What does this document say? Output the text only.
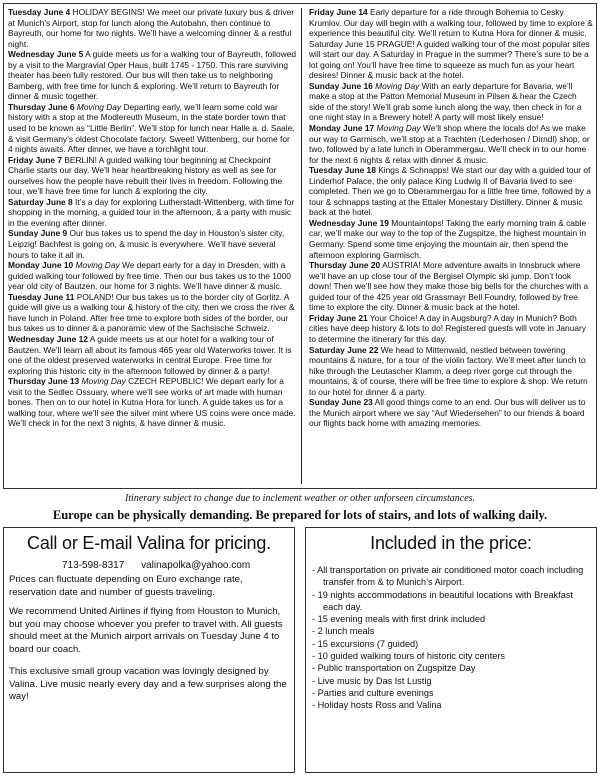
Tuesday June 4 HOLIDAY BEGINS! We meet our private luxury bus & driver at Munich’s Airport, stop for lunch along the Autobahn, then continue to Bayreuth, our home for two nights. We’ll have a welcoming dinner & a restful night.

Wednesday June 5 A guide meets us for a walking tour of Bayreuth, followed by a visit to the Margravial Oper Haus, built 1745 - 1750. This rare surviving theater has been fully restored. Our bus will then take us to neighboring Bamberg, with free time for lunch & exploring. We’ll return to Bayreuth for dinner & music together.

Thursday June 6 Moving Day Departing early, we’ll learn some cold war history with a stop at the Modlereuth Museum, in the state border town that used to be known as “Little Berlin”. We’ll stop for lunch near Halle a. d. Saale, & visit Germany’s oldest Chocolate factory. Sweet! Wittenberg, our home for 4 nights awaits. After dinner, we have a torchlight tour.

Friday June 7 BERLIN! A guided walking tour beginning at Checkpoint Charlie starts our day. We’ll hear heartbreaking history as well as see for ourselves how the people have rebuilt their lives in freedom. Following the tour, we’ll have free time for lunch & exploring the city.

Saturday June 8 It’s a day for exploring Lutherstadt-Wittenberg, with time for shopping in the morning, a guided tour in the afternoon, & a party with music in the evening after dinner.

Sunday June 9 Our bus takes us to spend the day in Houston’s sister city, Leipzig! Bachfest is going on, & music is everywhere. We’ll have several hours to take it all in.

Monday June 10 Moving Day We depart early for a day in Dresden, with a guided walking tour followed by free time. Then our bus takes us to the 1000 year old city of Bautzen, our home for 3 nights. We’ll have dinner & music.

Tuesday June 11 POLAND! Our bus takes us to the border city of Gorlitz. A guide will give us a walking tour & history of the city, then we cross the river & have lunch in Poland. After free time to explore both sides of the border, our bus takes us to dinner & a panoramic view of the Sachsische Schweiz.

Wednesday June 12 A guide meets us at our hotel for a walking tour of Bautzen. We’ll learn all about its famous 465 year old Waterworks tower. It is one of the oldest preserved waterworks in central Europe. Free time for exploring this historic city in the afternoon followed by dinner & a party!

Thursday June 13 Moving Day CZECH REPUBLIC! We depart early for a visit to the Sedlec Ossuary, where we’ll see works of art made with human bones. Then on to our hotel in Kutna Hora for lunch. A guide takes us for a walking tour, where we’ll see the silver mint where US coins were once made. We’ll check in for the next 3 nights, & have dinner & music.

Friday June 14 Early departure for a ride through Bohemia to Cesky Krumlov. Our day will begin with a walking tour, followed by time to explore & experience this beautiful city. We’ll return to Kutna Hora for dinner & music.

Saturday June 15 PRAGUE! A guided walking tour of the most popular sites will start our day. A Saturday in Prague in the summer? There’s sure to be a lot going on! You’ll have free time to squeeze as much fun as your heart desires! Dinner & music back at the hotel.

Sunday June 16 Moving Day With an early departure for Bavaria, we’ll make a stop at the Patton Memorial Museum in Pilsen & hear the Czech side of the story! We’ll grab some lunch along the way, then check in for a one night stay in a Brewery hotel! A party will most likely ensue!

Monday June 17 Moving Day We’ll shop where the locals do! As we make our way to Garmisch, we’ll stop at a Trachten (Lederhosen / Dirndl) shop, or two, followed by a late lunch in Oberammergau. We’ll check in to our home for the next 6 nights & relax with dinner & music.

Tuesday June 18 Kings & Schnapps! We start our day with a guided tour of Linderhof Palace, the only palace King Ludwig II of Bavaria lived to see completed. Then we go to Oberammergau for a little free time, followed by a tour & schnapps tasting at the Ettaler Monestary Distillery. Dinner & music back at the hotel.

Wednesday June 19 Mountaintops! Taking the early morning train & cable car, we’ll make our way to the top of the Zugspitze, the highest mountain in Germany. Spend some time enjoying the mountain air, then spend the afternoon exploring Garmisch.

Thursday June 20 AUSTRIA! More adventure awaits in Innsbruck where we’ll have an up close tour of the Bergisel Olympic ski jump. Don’t look down! Then we’ll see how they make those big bells for the churches with a guided tour of the 425 year old Grassmayr Bell Foundry, followed by free time to explore the city. Dinner & music back at the hotel.

Friday June 21 Your Choice! A day in Augsburg? A day in Munich? Both cities have deep history & lots to do! Registered guests will vote in January to determine the itinerary for this day.

Saturday June 22 We head to Mittenwald, nestled between towering mountains & nature, for a tour of the violin factory. We’ll meet after lunch to hike through the Leutascher Klamm, a deep river gorge cut through the mountains, & of course, there will be free time to explore & shop. We return to our hotel for dinner & a party.

Sunday June 23 All good things come to an end. Our bus will deliver us to the Munich airport where we say “Auf Wiedersehen” to our friends & board our flights back home with amazing memories.

Itinerary subject to change due to inclement weather or other unforseen circumstances.
Europe can be physically demanding. Be prepared for lots of stairs, and lots of walking daily.
Call or E-mail Valina for pricing.
713-598-8317 valinapolka@yahoo.com
Prices can fluctuate depending on Euro exchange rate, reservation date and number of guests traveling.
We recommend United Airlines if flying from Houston to Munich, but you may choose whoever you prefer to travel with. All guests should meet at the Munich airport arrivals on Tuesday June 4 to board our coach.
This exclusive small group vacation was lovingly designed by Valina. Live music nearly every day and a few surprises along the way!
Included in the price:
- All transportation on private air conditioned motor coach including transfer from & to Munich’s Airport.
- 19 nights accommodations in beautiful locations with Breakfast each day.
- 15 evening meals with first drink included
- 2 lunch meals
- 15 excursions (7 guided)
- 10 guided walking tours of historic city centers
- Public transportation on Zugspitze Day
- Live music by Das Ist Lustig
- Parties and culture evenings
- Holiday hosts Ross and Valina
